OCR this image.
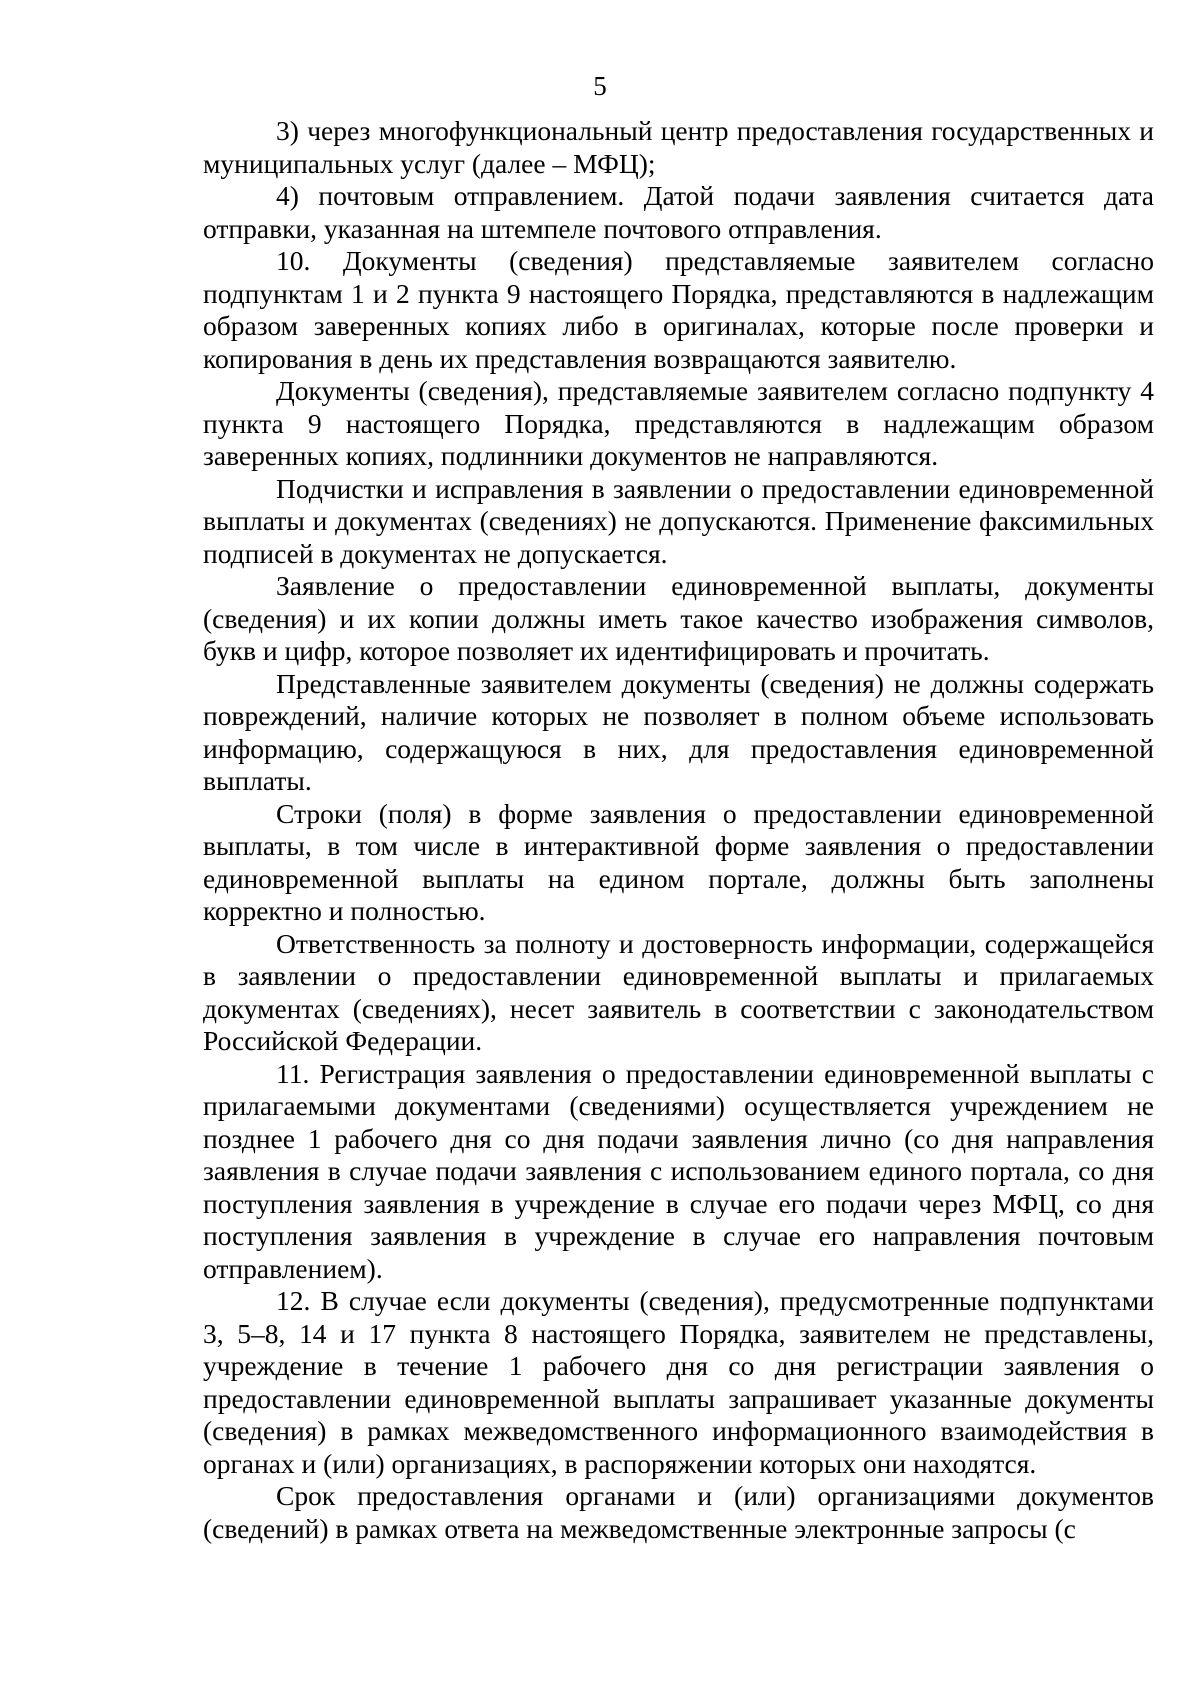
5

3) через многофункциональный центр предоставления государственных и муниципальных услуг (далее – МФЦ);

4) почтовым отправлением. Датой подачи заявления считается дата отправки, указанная на штемпеле почтового отправления.

10. Документы (сведения) представляемые заявителем согласно подпунктам 1 и 2 пункта 9 настоящего Порядка, представляются в надлежащим образом заверенных копиях либо в оригиналах, которые после проверки и копирования в день их представления возвращаются заявителю.

Документы (сведения), представляемые заявителем согласно подпункту 4 пункта 9 настоящего Порядка, представляются в надлежащим образом заверенных копиях, подлинники документов не направляются.

Подчистки и исправления в заявлении о предоставлении единовременной выплаты и документах (сведениях) не допускаются. Применение факсимильных подписей в документах не допускается.

Заявление о предоставлении единовременной выплаты, документы (сведения) и их копии должны иметь такое качество изображения символов, букв и цифр, которое позволяет их идентифицировать и прочитать.

Представленные заявителем документы (сведения) не должны содержать повреждений, наличие которых не позволяет в полном объеме использовать информацию, содержащуюся в них, для предоставления единовременной выплаты.

Строки (поля) в форме заявления о предоставлении единовременной выплаты, в том числе в интерактивной форме заявления о предоставлении единовременной выплаты на едином портале, должны быть заполнены корректно и полностью.

Ответственность за полноту и достоверность информации, содержащейся в заявлении о предоставлении единовременной выплаты и прилагаемых документах (сведениях), несет заявитель в соответствии с законодательством Российской Федерации.

11. Регистрация заявления о предоставлении единовременной выплаты с прилагаемыми документами (сведениями) осуществляется учреждением не позднее 1 рабочего дня со дня подачи заявления лично (со дня направления заявления в случае подачи заявления с использованием единого портала, со дня поступления заявления в учреждение в случае его подачи через МФЦ, со дня поступления заявления в учреждение в случае его направления почтовым отправлением).

12. В случае если документы (сведения), предусмотренные подпунктами 3, 5–8, 14 и 17 пункта 8 настоящего Порядка, заявителем не представлены, учреждение в течение 1 рабочего дня со дня регистрации заявления о предоставлении единовременной выплаты запрашивает указанные документы (сведения) в рамках межведомственного информационного взаимодействия в органах и (или) организациях, в распоряжении которых они находятся.

Срок предоставления органами и (или) организациями документов (сведений) в рамках ответа на межведомственные электронные запросы (с
